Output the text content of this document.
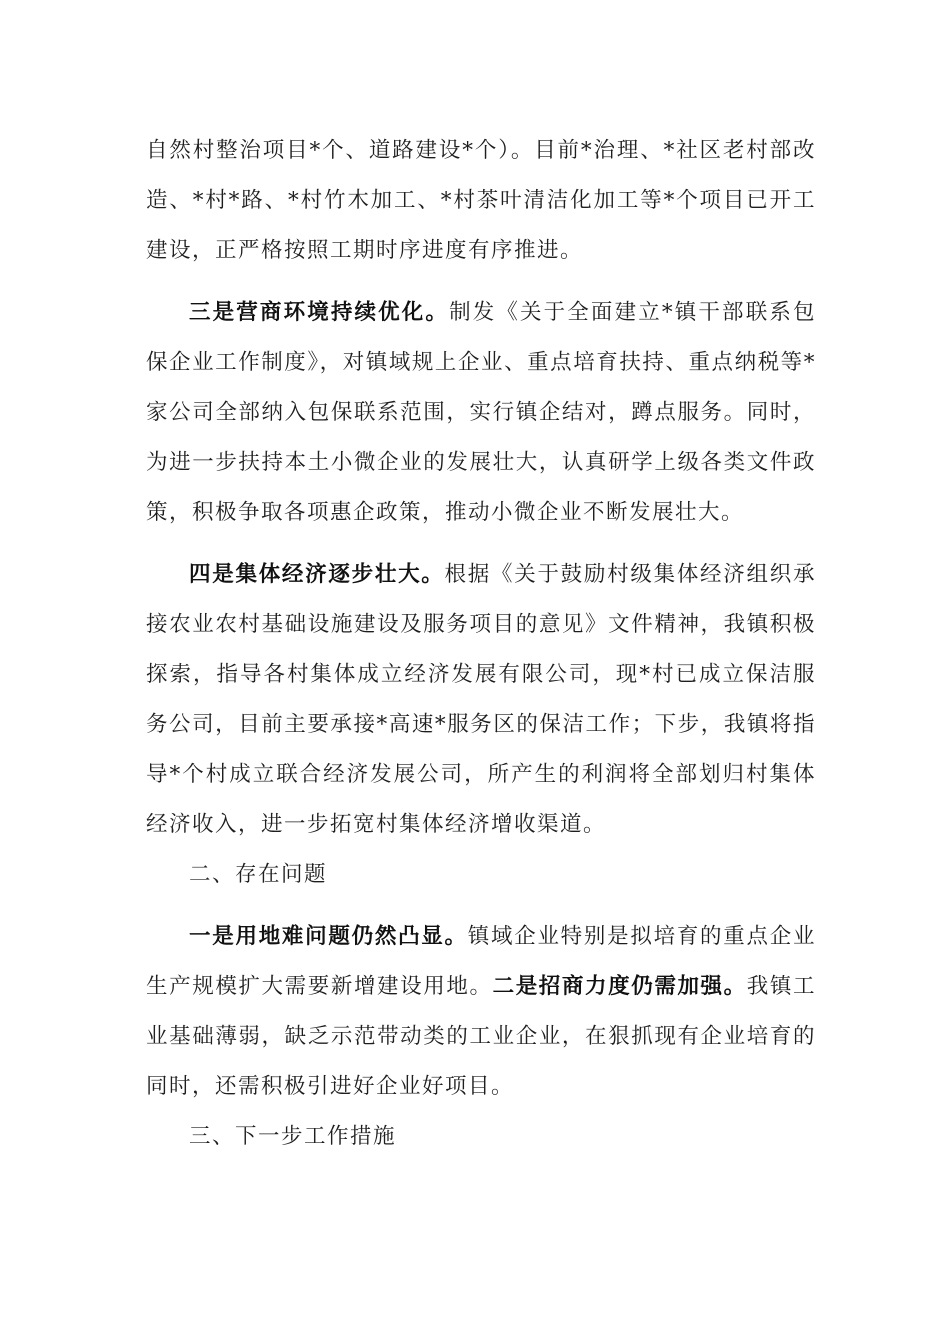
自然村整治项目*个、道路建设*个）。目前*治理、*社区老村部改造、*村*路、*村竹木加工、*村茶叶清洁化加工等*个项目已开工建设，正严格按照工期时序进度有序推进。

三是营商环境持续优化。制发《关于全面建立*镇干部联系包保企业工作制度》，对镇域规上企业、重点培育扶持、重点纳税等*家公司全部纳入包保联系范围，实行镇企结对，蹲点服务。同时，为进一步扶持本土小微企业的发展壮大，认真研学上级各类文件政策，积极争取各项惠企政策，推动小微企业不断发展壮大。

四是集体经济逐步壮大。根据《关于鼓励村级集体经济组织承接农业农村基础设施建设及服务项目的意见》文件精神，我镇积极探索，指导各村集体成立经济发展有限公司，现*村已成立保洁服务公司，目前主要承接*高速*服务区的保洁工作；下步，我镇将指导*个村成立联合经济发展公司，所产生的利润将全部划归村集体经济收入，进一步拓宽村集体经济增收渠道。

二、存在问题

一是用地难问题仍然凸显。镇域企业特别是拟培育的重点企业生产规模扩大需要新增建设用地。二是招商力度仍需加强。我镇工业基础薄弱，缺乏示范带动类的工业企业，在狠抓现有企业培育的同时，还需积极引进好企业好项目。

三、下一步工作措施
